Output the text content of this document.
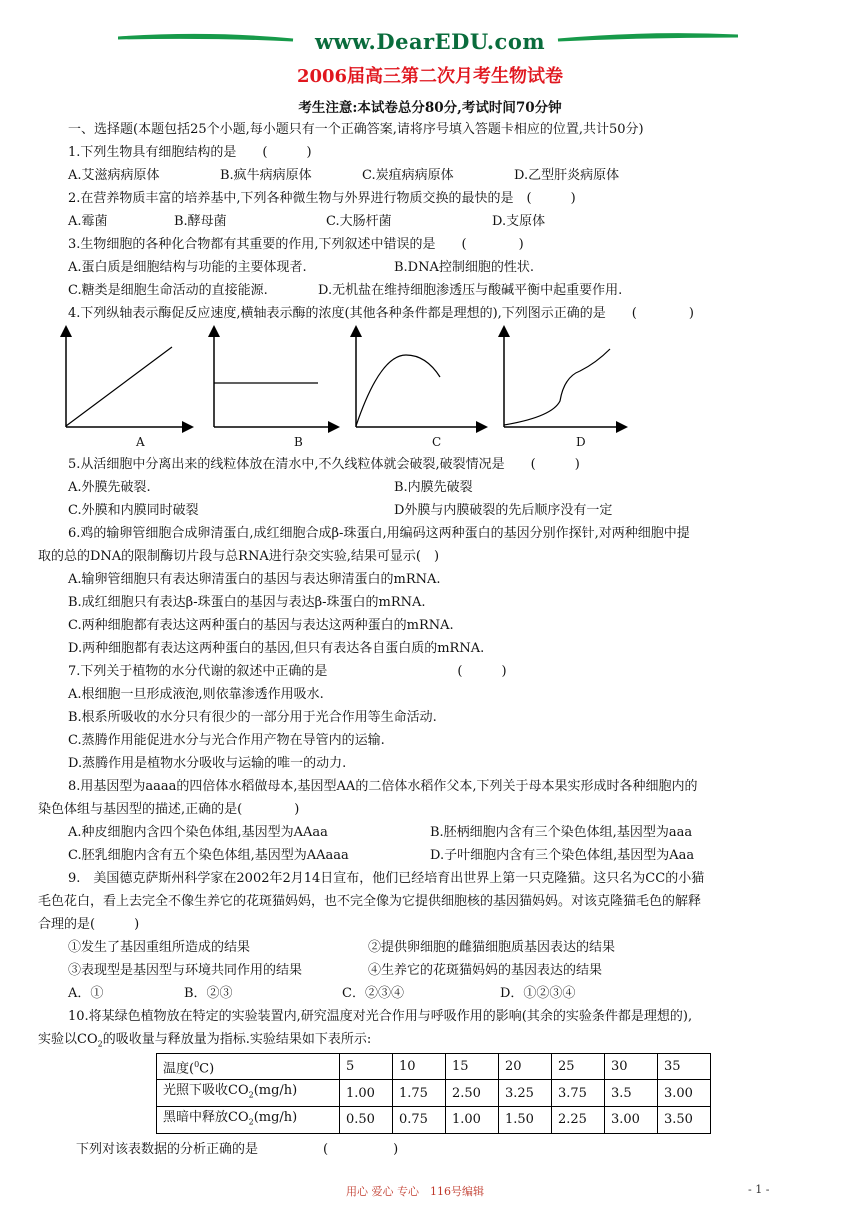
www.DearEDU.com
2006届高三第二次月考生物试卷
考生注意:本试卷总分80分,考试时间70分钟
一、选择题(本题包括25个小题,每小题只有一个正确答案,请将序号填入答题卡相应的位置,共计50分)
1.下列生物具有细胞结构的是　　(　　　)
A.艾滋病病原体	B.疯牛病病原体	C.炭疽病病原体	D.乙型肝炎病原体
2.在营养物质丰富的培养基中,下列各种微生物与外界进行物质交换的最快的是　(　　　)
A.霉菌	B.酵母菌	C.大肠杆菌	D.支原体
3.生物细胞的各种化合物都有其重要的作用,下列叙述中错误的是　　(　　　　)
A.蛋白质是细胞结构与功能的主要体现者.	B.DNA控制细胞的性状.
C.糖类是细胞生命活动的直接能源.	D.无机盐在维持细胞渗透压与酸碱平衡中起重要作用.
4.下列纵轴表示酶促反应速度,横轴表示酶的浓度(其他各种条件都是理想的),下列图示正确的是　　(　　　　)
A	B	C	D
5.从活细胞中分离出来的线粒体放在清水中,不久线粒体就会破裂,破裂情况是　　(　　　)
A.外膜先破裂.	B.内膜先破裂
C.外膜和内膜同时破裂	D外膜与内膜破裂的先后顺序没有一定
6.鸡的输卵管细胞合成卵清蛋白,成红细胞合成β-珠蛋白,用编码这两种蛋白的基因分别作探针,对两种细胞中提
取的总的DNA的限制酶切片段与总RNA进行杂交实验,结果可显示(　)
A.输卵管细胞只有表达卵清蛋白的基因与表达卵清蛋白的mRNA.
B.成红细胞只有表达β-珠蛋白的基因与表达β-珠蛋白的mRNA.
C.两种细胞都有表达这两种蛋白的基因与表达这两种蛋白的mRNA.
D.两种细胞都有表达这两种蛋白的基因,但只有表达各自蛋白质的mRNA.
7.下列关于植物的水分代谢的叙述中正确的是　　　　　　　　　　(　　　)
A.根细胞一旦形成液泡,则依靠渗透作用吸水.
B.根系所吸收的水分只有很少的一部分用于光合作用等生命活动.
C.蒸腾作用能促进水分与光合作用产物在导管内的运输.
D.蒸腾作用是植物水分吸收与运输的唯一的动力.
8.用基因型为aaaa的四倍体水稻做母本,基因型AA的二倍体水稻作父本,下列关于母本果实形成时各种细胞内的
染色体组与基因型的描述,正确的是(　　　　)
A.种皮细胞内含四个染色体组,基因型为AAaa	B.胚柄细胞内含有三个染色体组,基因型为aaa
C.胚乳细胞内含有五个染色体组,基因型为AAaaa	D.子叶细胞内含有三个染色体组,基因型为Aaa
9.　美国德克萨斯州科学家在2002年2月14日宣布，他们已经培育出世界上第一只克隆猫。这只名为CC的小猫
毛色花白，看上去完全不像生养它的花斑猫妈妈，也不完全像为它提供细胞核的基因猫妈妈。对该克隆猫毛色的解释
合理的是(　　　)
①发生了基因重组所造成的结果	②提供卵细胞的雌猫细胞质基因表达的结果
③表现型是基因型与环境共同作用的结果	④生养它的花斑猫妈妈的基因表达的结果
A．①	B．②③	C．②③④	D．①②③④
10.将某绿色植物放在特定的实验装置内,研究温度对光合作用与呼吸作用的影响(其余的实验条件都是理想的),
实验以$CO_2$的吸收量与释放量为指标.实验结果如下表所示:
温度($^0$C)	5	10	15	20	25	30	35
光照下吸收$CO_2(mg/h)$	1.00	1.75	2.50	3.25	3.75	3.5	3.00
黑暗中释放$CO_2(mg/h)$	0.50	0.75	1.00	1.50	2.25	3.00	3.50
下列对该表数据的分析正确的是　　　　　(　　　　　)
用心 爱心 专心　116号编辑	- 1 -
